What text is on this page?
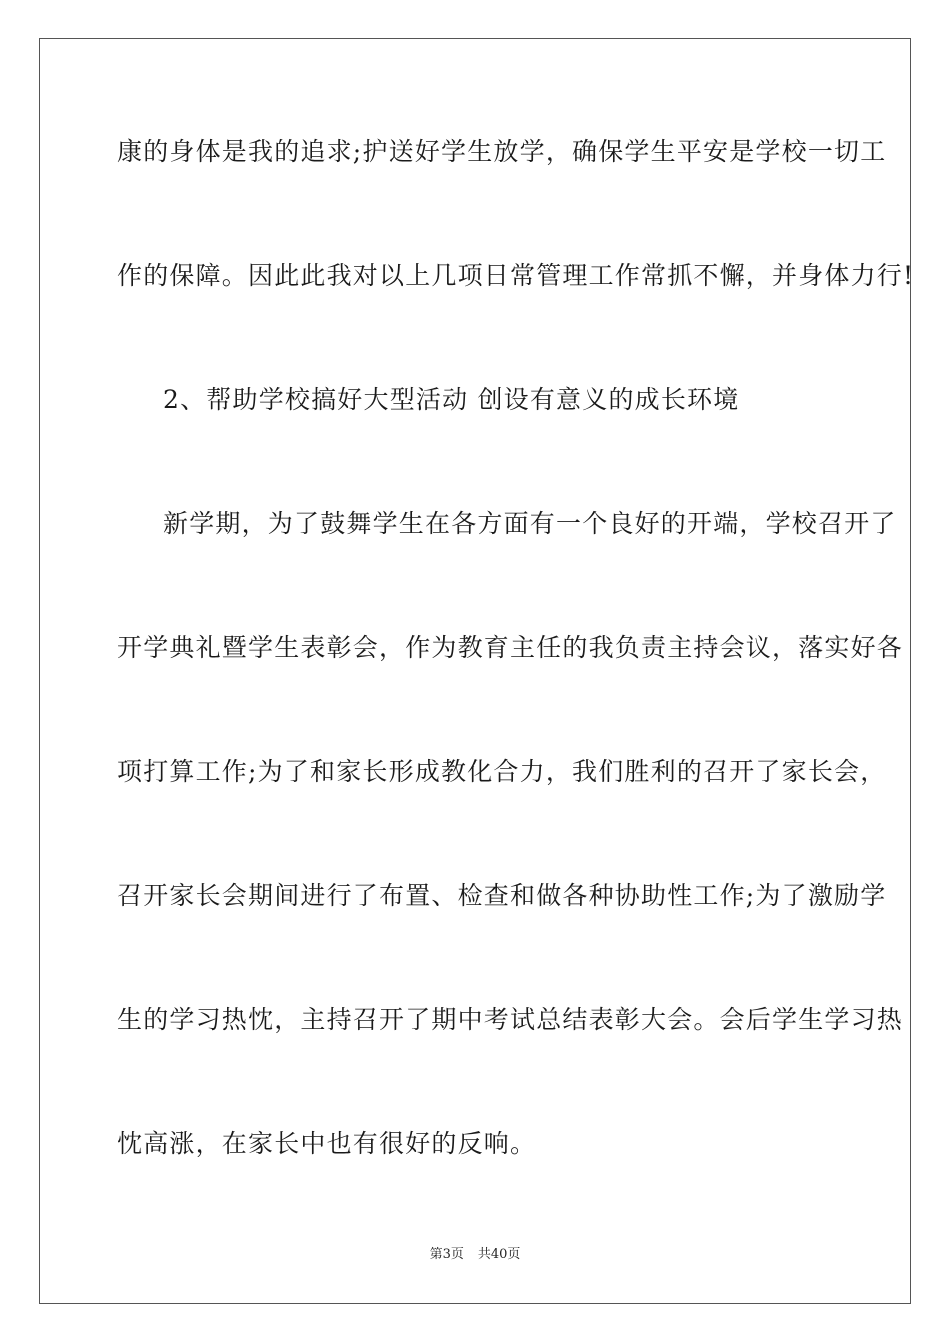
康的身体是我的追求;护送好学生放学，确保学生平安是学校一切工
作的保障。因此此我对以上几项日常管理工作常抓不懈，并身体力行!
2、帮助学校搞好大型活动 创设有意义的成长环境
新学期，为了鼓舞学生在各方面有一个良好的开端，学校召开了
开学典礼暨学生表彰会，作为教育主任的我负责主持会议，落实好各
项打算工作;为了和家长形成教化合力，我们胜利的召开了家长会，
召开家长会期间进行了布置、检查和做各种协助性工作;为了激励学
生的学习热忱，主持召开了期中考试总结表彰大会。会后学生学习热
忱高涨，在家长中也有很好的反响。
第3页 共40页
